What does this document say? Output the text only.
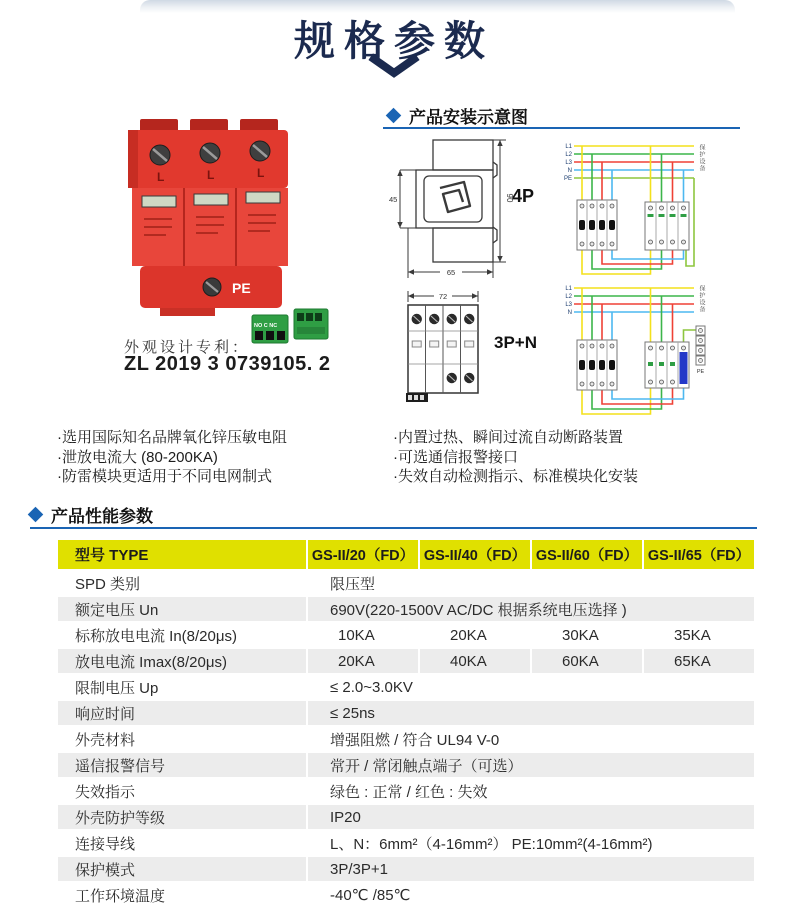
规格参数
L	L	L
PE
NO C NC
外观设计专利：
ZL 2019 3 0739105. 2
产品安装示意图
45	90
65
4P
L1
L2
L3
N
PE
保护设备
72
3P+N
L1
L2
L3
N
PE
保护设备
·选用国际知名品牌氧化锌压敏电阻
·泄放电流大 (80-200KA)
·防雷模块更适用于不同电网制式
·内置过热、瞬间过流自动断路装置
·可选通信报警接口
·失效自动检测指示、标准模块化安装
产品性能参数
型号 TYPE	GS-II/20（FD）	GS-II/40（FD）	GS-II/60（FD）	GS-II/65（FD）
SPD 类别	限压型			
额定电压 Un	690V(220-1500V AC/DC 根据系统电压选择 )			
标称放电电流 In(8/20μs)	10KA	20KA	30KA	35KA
放电电流 Imax(8/20μs)	20KA	40KA	60KA	65KA
限制电压 Up	≤ 2.0~3.0KV			
响应时间	≤ 25ns			
外壳材料	增强阻燃 / 符合 UL94 V-0			
遥信报警信号	常开 / 常闭触点端子（可选）			
失效指示	绿色 : 正常 / 红色 : 失效			
外壳防护等级	IP20			
连接导线	L、N：6mm²（4-16mm²） PE:10mm²(4-16mm²)			
保护模式	3P/3P+1			
工作环境温度	-40℃ /85℃			
